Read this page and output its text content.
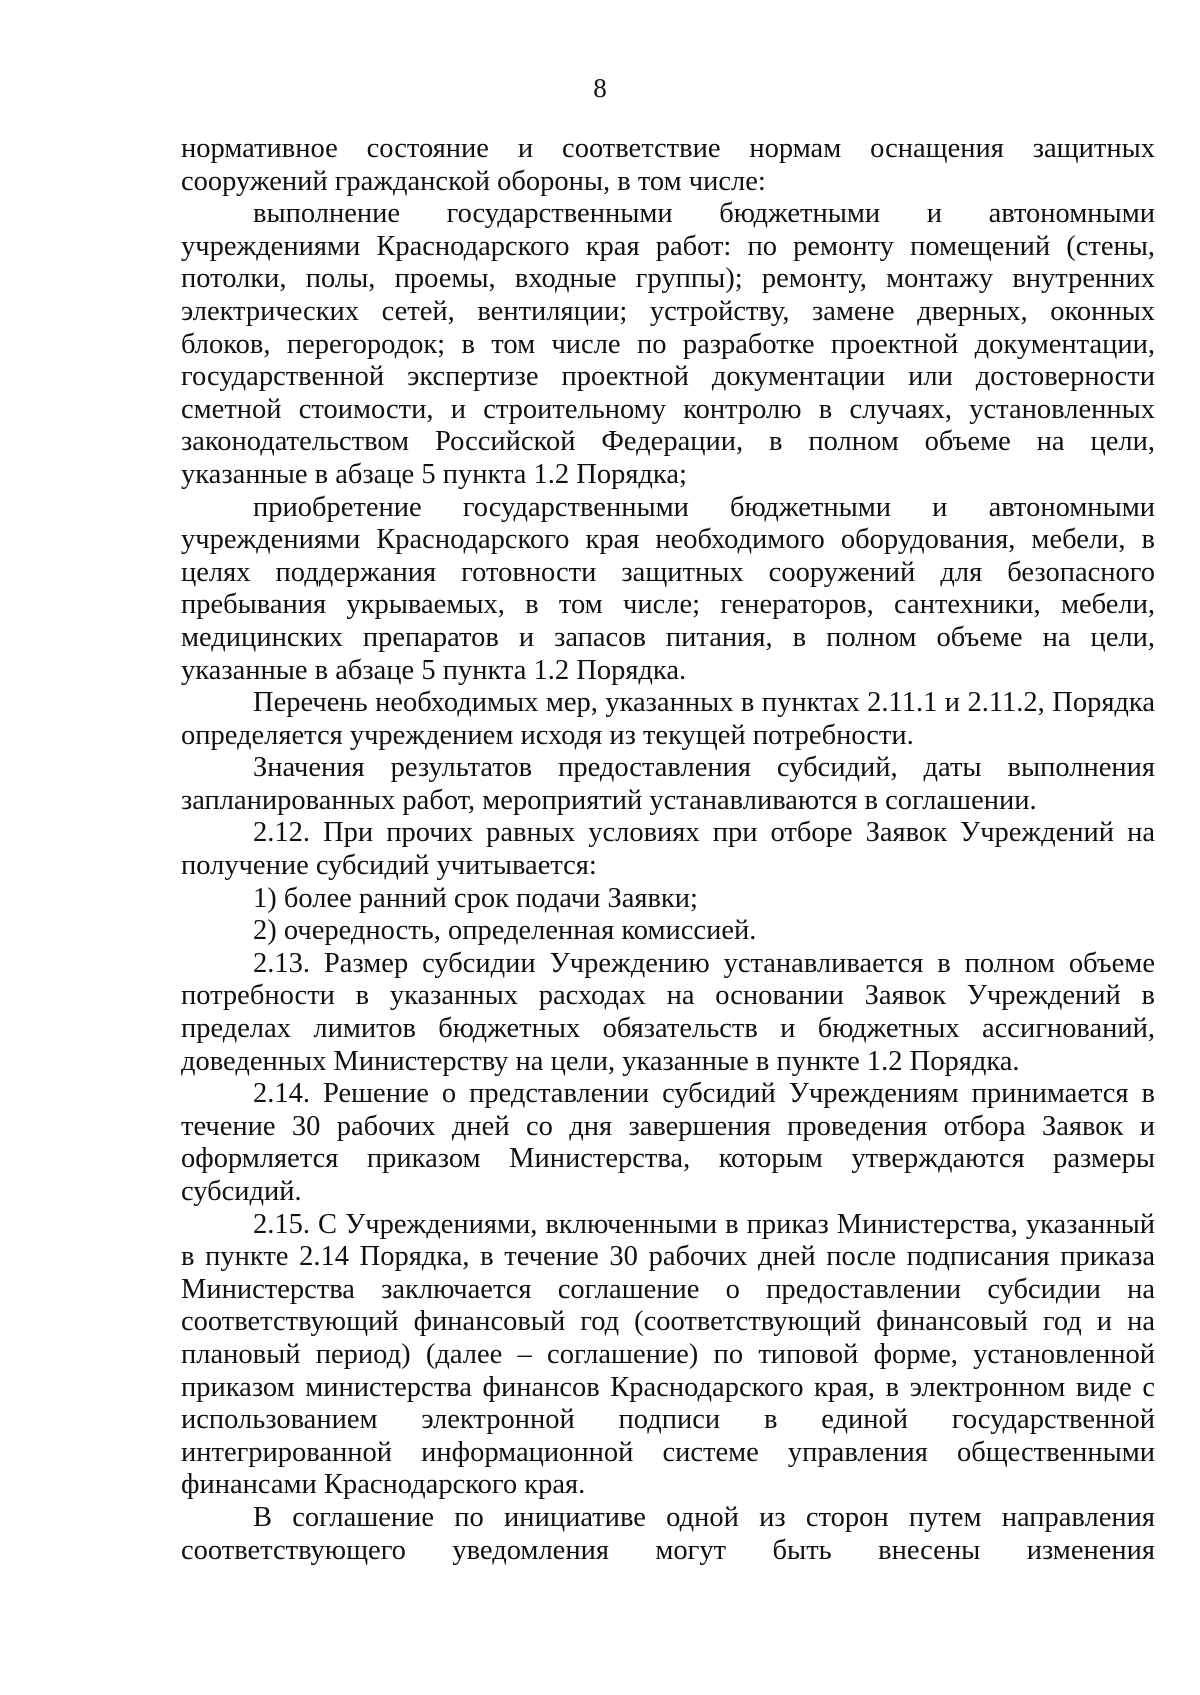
8

нормативное состояние и соответствие нормам оснащения защитных сооружений гражданской обороны, в том числе:

выполнение государственными бюджетными и автономными учреждениями Краснодарского края работ: по ремонту помещений (стены, потолки, полы, проемы, входные группы); ремонту, монтажу внутренних электрических сетей, вентиляции; устройству, замене дверных, оконных блоков, перегородок; в том числе по разработке проектной документации, государственной экспертизе проектной документации или достоверности сметной стоимости, и строительному контролю в случаях, установленных законодательством Российской Федерации, в полном объеме на цели, указанные в абзаце 5 пункта 1.2 Порядка;

приобретение государственными бюджетными и автономными учреждениями Краснодарского края необходимого оборудования, мебели, в целях поддержания готовности защитных сооружений для безопасного пребывания укрываемых, в том числе; генераторов, сантехники, мебели, медицинских препаратов и запасов питания, в полном объеме на цели, указанные в абзаце 5 пункта 1.2 Порядка.

Перечень необходимых мер, указанных в пунктах 2.11.1 и 2.11.2, Порядка определяется учреждением исходя из текущей потребности.

Значения результатов предоставления субсидий, даты выполнения запланированных работ, мероприятий устанавливаются в соглашении.

2.12. При прочих равных условиях при отборе Заявок Учреждений на получение субсидий учитывается:

1) более ранний срок подачи Заявки;

2) очередность, определенная комиссией.

2.13. Размер субсидии Учреждению устанавливается в полном объеме потребности в указанных расходах на основании Заявок Учреждений в пределах лимитов бюджетных обязательств и бюджетных ассигнований, доведенных Министерству на цели, указанные в пункте 1.2 Порядка.

2.14. Решение о представлении субсидий Учреждениям принимается в течение 30 рабочих дней со дня завершения проведения отбора Заявок и оформляется приказом Министерства, которым утверждаются размеры субсидий.

2.15. С Учреждениями, включенными в приказ Министерства, указанный в пункте 2.14 Порядка, в течение 30 рабочих дней после подписания приказа Министерства заключается соглашение о предоставлении субсидии на соответствующий финансовый год (соответствующий финансовый год и на плановый период) (далее – соглашение) по типовой форме, установленной приказом министерства финансов Краснодарского края, в электронном виде с использованием электронной подписи в единой государственной интегрированной информационной системе управления общественными финансами Краснодарского края.

В соглашение по инициативе одной из сторон путем направления соответствующего уведомления могут быть внесены изменения
